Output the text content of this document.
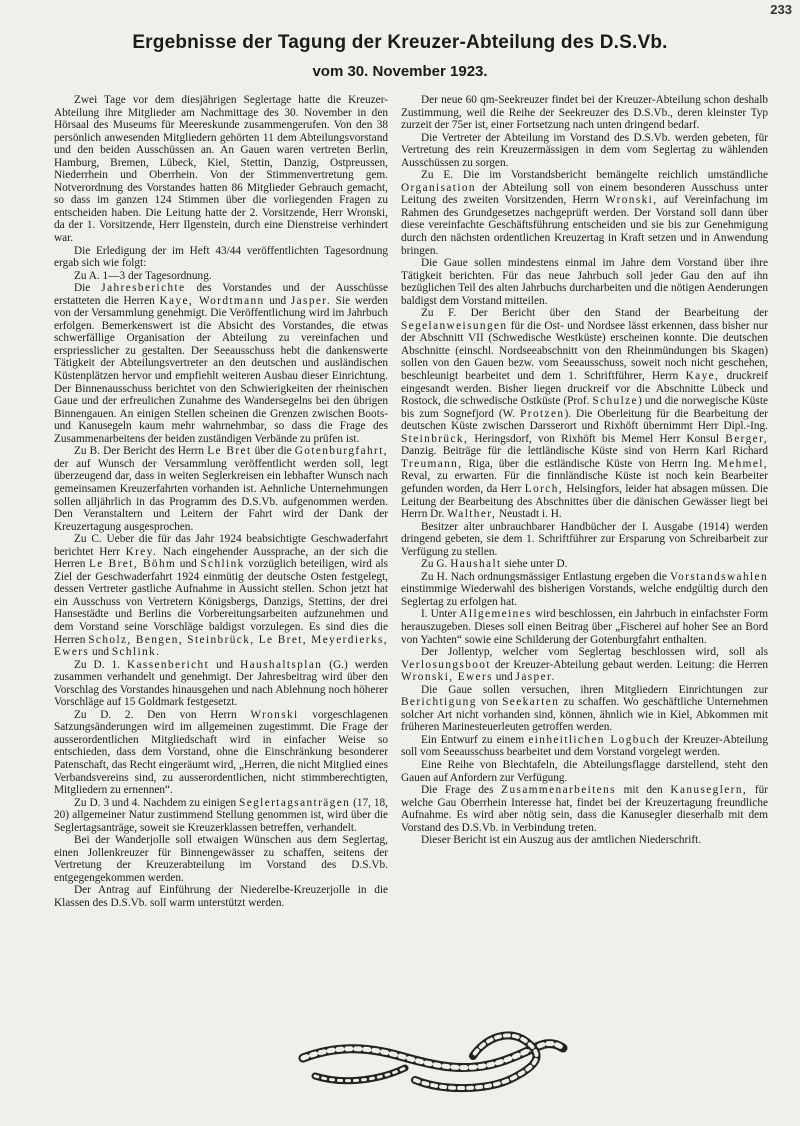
233
Ergebnisse der Tagung der Kreuzer-Abteilung des D.S.Vb.
vom 30. November 1923.

Zwei Tage vor dem diesjährigen Seglertage hatte die Kreuzer-Abteilung ihre Mitglieder am Nachmittage des 30. November in den Hörsaal des Museums für Meereskunde zusammengerufen. Von den 38 persönlich anwesenden Mitgliedern gehörten 11 dem Abteilungsvorstand und den beiden Ausschüssen an. An Gauen waren vertreten Berlin, Hamburg, Bremen, Lübeck, Kiel, Stettin, Danzig, Ostpreussen, Niederrhein und Oberrhein. Von der Stimmenvertretung gem. Notverordnung des Vorstandes hatten 86 Mitglieder Gebrauch gemacht, so dass im ganzen 124 Stimmen über die vorliegenden Fragen zu entscheiden haben. Die Leitung hatte der 2. Vorsitzende, Herr Wronski, da der 1. Vorsitzende, Herr Ilgenstein, durch eine Dienstreise verhindert war.

Die Erledigung der im Heft 43/44 veröffentlichten Tagesordnung ergab sich wie folgt:

Zu A. 1—3 der Tagesordnung.

Die Jahresberichte des Vorstandes und der Ausschüsse erstatteten die Herren Kaye, Wordtmann und Jasper. Sie werden von der Versammlung genehmigt. Die Veröffentlichung wird im Jahrbuch erfolgen. Bemerkenswert ist die Absicht des Vorstandes, die etwas schwerfällige Organisation der Abteilung zu vereinfachen und erspriesslicher zu gestalten. Der Seeausschuss hebt die dankenswerte Tätigkeit der Abteilungsvertreter an den deutschen und ausländischen Küstenplätzen hervor und empfiehlt weiteren Ausbau dieser Einrichtung. Der Binnenausschuss berichtet von den Schwierigkeiten der rheinischen Gaue und der erfreulichen Zunahme des Wandersegelns bei den übrigen Binnengauen. An einigen Stellen scheinen die Grenzen zwischen Boots- und Kanusegeln kaum mehr wahrnehmbar, so dass die Frage des Zusammenarbeitens der beiden zuständigen Verbände zu prüfen ist.

Zu B. Der Bericht des Herrn Le Bret über die Gotenburgfahrt, der auf Wunsch der Versammlung veröffentlicht werden soll, legt überzeugend dar, dass in weiten Seglerkreisen ein lebhafter Wunsch nach gemeinsamen Kreuzerfahrten vorhanden ist. Aehnliche Unternehmungen sollen alljährlich in das Programm des D.S.Vb. aufgenommen werden. Den Veranstaltern und Leitern der Fahrt wird der Dank der Kreuzertagung ausgesprochen.

Zu C. Ueber die für das Jahr 1924 beabsichtigte Geschwaderfahrt berichtet Herr Krey. Nach eingehender Aussprache, an der sich die Herren Le Bret, Böhm und Schlink vorzüglich beteiligen, wird als Ziel der Geschwaderfahrt 1924 einmütig der deutsche Osten festgelegt, dessen Vertreter gastliche Aufnahme in Aussicht stellen. Schon jetzt hat ein Ausschuss von Vertretern Königsbergs, Danzigs, Stettins, der drei Hansestädte und Berlins die Vorbereitungsarbeiten aufzunehmen und dem Vorstand seine Vorschläge baldigst vorzulegen. Es sind dies die Herren Scholz, Bengen, Steinbrück, Le Bret, Meyerdierks, Ewers und Schlink.

Zu D. 1. Kassenbericht und Haushaltsplan (G.) werden zusammen verhandelt und genehmigt. Der Jahresbeitrag wird über den Vorschlag des Vorstandes hinausgehen und nach Ablehnung noch höherer Vorschläge auf 15 Goldmark festgesetzt.

Zu D. 2. Den von Herrn Wronski vorgeschlagenen Satzungsänderungen wird im allgemeinen zugestimmt. Die Frage der ausserordentlichen Mitgliedschaft wird in einfacher Weise so entschieden, dass dem Vorstand, ohne die Einschränkung besonderer Patenschaft, das Recht eingeräumt wird, „Herren, die nicht Mitglied eines Verbandsvereins sind, zu ausserordentlichen, nicht stimmberechtigten, Mitgliedern zu ernennen“.

Zu D. 3 und 4. Nachdem zu einigen Seglertagsanträgen (17, 18, 20) allgemeiner Natur zustimmend Stellung genommen ist, wird über die Seglertagsanträge, soweit sie Kreuzerklassen betreffen, verhandelt.

Bei der Wanderjolle soll etwaigen Wünschen aus dem Seglertag, einen Jollenkreuzer für Binnengewässer zu schaffen, seitens der Vertretung der Kreuzerabteilung im Vorstand des D.S.Vb. entgegengekommen werden.

Der Antrag auf Einführung der Niederelbe-Kreuzerjolle in die Klassen des D.S.Vb. soll warm unterstützt werden.

Der neue 60 qm-Seekreuzer findet bei der Kreuzer-Abteilung schon deshalb Zustimmung, weil die Reihe der Seekreuzer des D.S.Vb., deren kleinster Typ zurzeit der 75er ist, einer Fortsetzung nach unten dringend bedarf.

Die Vertreter der Abteilung im Vorstand des D.S.Vb. werden gebeten, für Vertretung des rein Kreuzermässigen in dem vom Seglertag zu wählenden Ausschüssen zu sorgen.

Zu E. Die im Vorstandsbericht bemängelte reichlich umständliche Organisation der Abteilung soll von einem besonderen Ausschuss unter Leitung des zweiten Vorsitzenden, Herrn Wronski, auf Vereinfachung im Rahmen des Grundgesetzes nachgeprüft werden. Der Vorstand soll dann über diese vereinfachte Geschäftsführung entscheiden und sie bis zur Genehmigung durch den nächsten ordentlichen Kreuzertag in Kraft setzen und in Anwendung bringen.

Die Gaue sollen mindestens einmal im Jahre dem Vorstand über ihre Tätigkeit berichten. Für das neue Jahrbuch soll jeder Gau den auf ihn bezüglichen Teil des alten Jahrbuchs durcharbeiten und die nötigen Aenderungen baldigst dem Vorstand mitteilen.

Zu F. Der Bericht über den Stand der Bearbeitung der Segelanweisungen für die Ost- und Nordsee lässt erkennen, dass bisher nur der Abschnitt VII (Schwedische Westküste) erscheinen konnte. Die deutschen Abschnitte (einschl. Nordseeabschnitt von den Rheinmündungen bis Skagen) sollen von den Gauen bezw. vom Seeausschuss, soweit noch nicht geschehen, beschleunigt bearbeitet und dem 1. Schriftführer, Herrn Kaye, druckreif eingesandt werden. Bisher liegen druckreif vor die Abschnitte Lübeck und Rostock, die schwedische Ostküste (Prof. Schulze) und die norwegische Küste bis zum Sognefjord (W. Protzen). Die Oberleitung für die Bearbeitung der deutschen Küste zwischen Darsserort und Rixhöft übernimmt Herr Dipl.-Ing. Steinbrück, Heringsdorf, von Rixhöft bis Memel Herr Konsul Berger, Danzig. Beiträge für die lettländische Küste sind von Herrn Karl Richard Treumann, Riga, über die estländische Küste von Herrn Ing. Mehmel, Reval, zu erwarten. Für die finnländische Küste ist noch kein Bearbeiter gefunden worden, da Herr Lorch, Helsingfors, leider hat absagen müssen. Die Leitung der Bearbeitung des Abschnittes über die dänischen Gewässer liegt bei Herrn Dr. Walther, Neustadt i. H.

Besitzer alter unbrauchbarer Handbücher der I. Ausgabe (1914) werden dringend gebeten, sie dem 1. Schriftführer zur Ersparung von Schreibarbeit zur Verfügung zu stellen.

Zu G. Haushalt siehe unter D.

Zu H. Nach ordnungsmässiger Entlastung ergeben die Vorstandswahlen einstimmige Wiederwahl des bisherigen Vorstands, welche endgültig durch den Seglertag zu erfolgen hat.

I. Unter Allgemeines wird beschlossen, ein Jahrbuch in einfachster Form herauszugeben. Dieses soll einen Beitrag über „Fischerei auf hoher See an Bord von Yachten“ sowie eine Schilderung der Gotenburgfahrt enthalten.

Der Jollentyp, welcher vom Seglertag beschlossen wird, soll als Verlosungsboot der Kreuzer-Abteilung gebaut werden. Leitung: die Herren Wronski, Ewers und Jasper.

Die Gaue sollen versuchen, ihren Mitgliedern Einrichtungen zur Berichtigung von Seekarten zu schaffen. Wo geschäftliche Unternehmen solcher Art nicht vorhanden sind, können, ähnlich wie in Kiel, Abkommen mit früheren Marinesteuerleuten getroffen werden.

Ein Entwurf zu einem einheitlichen Logbuch der Kreuzer-Abteilung soll vom Seeausschuss bearbeitet und dem Vorstand vorgelegt werden.

Eine Reihe von Blechtafeln, die Abteilungsflagge darstellend, steht den Gauen auf Anfordern zur Verfügung.

Die Frage des Zusammenarbeitens mit den Kanuseglern, für welche Gau Oberrhein Interesse hat, findet bei der Kreuzertagung freundliche Aufnahme. Es wird aber nötig sein, dass die Kanusegler dieserhalb mit dem Vorstand des D.S.Vb. in Verbindung treten.

Dieser Bericht ist ein Auszug aus der amtlichen Niederschrift.
